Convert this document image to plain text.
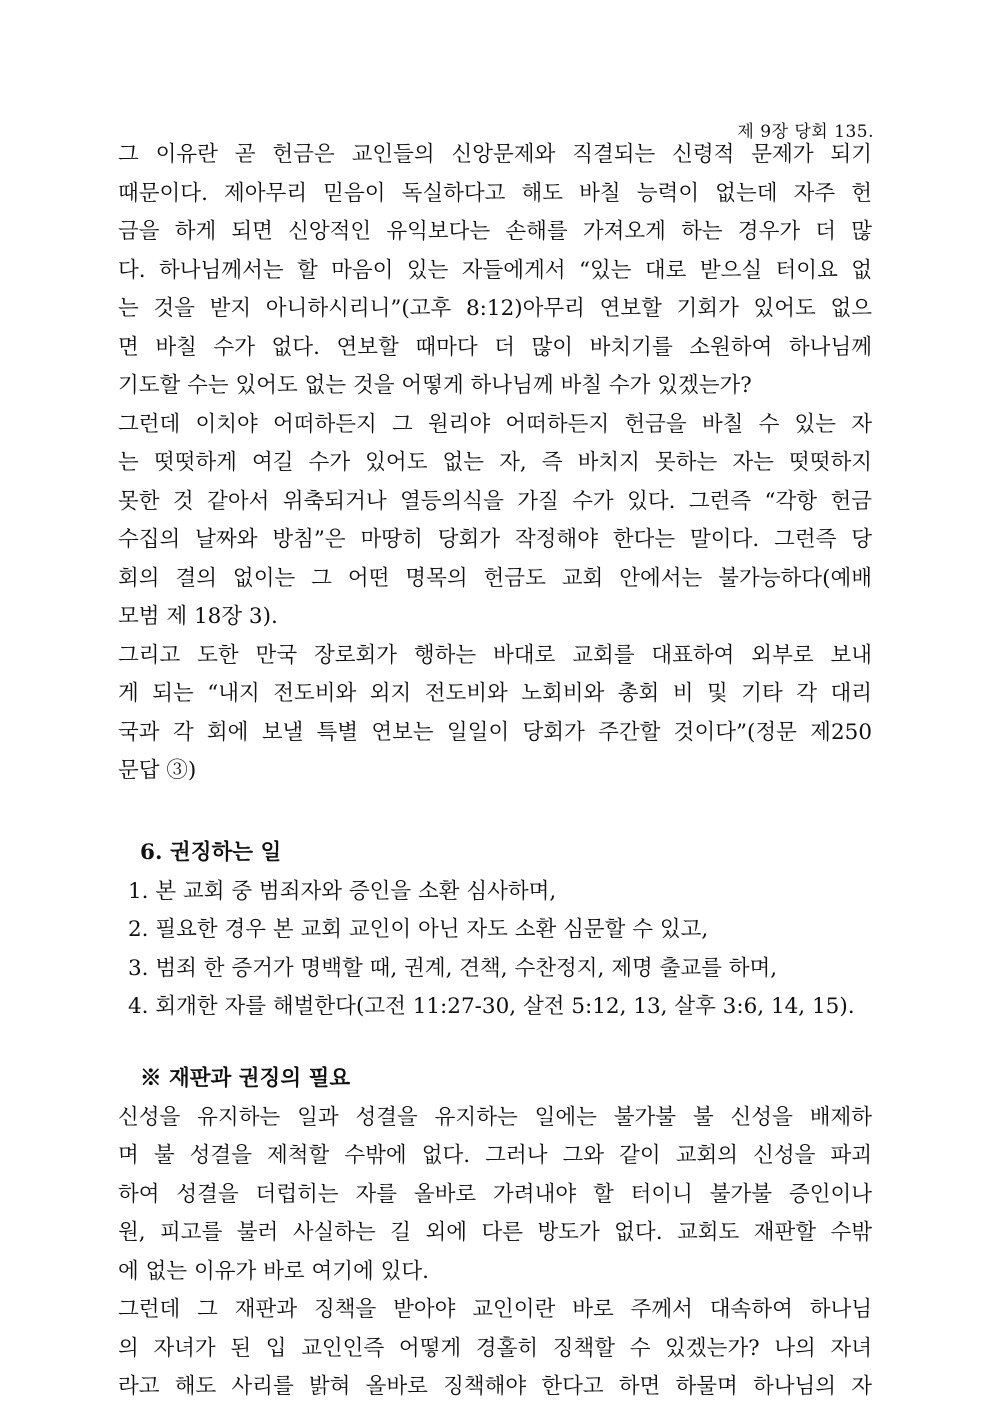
제 9장 당회 135.
그 이유란 곧 헌금은 교인들의 신앙문제와 직결되는 신령적 문제가 되기
때문이다. 제아무리 믿음이 독실하다고 해도 바칠 능력이 없는데 자주 헌
금을 하게 되면 신앙적인 유익보다는 손해를 가져오게 하는 경우가 더 많
다. 하나님께서는 할 마음이 있는 자들에게서 “있는 대로 받으실 터이요 없
는 것을 받지 아니하시리니”(고후 8:12)아무리 연보할 기회가 있어도 없으
면 바칠 수가 없다. 연보할 때마다 더 많이 바치기를 소원하여 하나님께
기도할 수는 있어도 없는 것을 어떻게 하나님께 바칠 수가 있겠는가?
그런데 이치야 어떠하든지 그 원리야 어떠하든지 헌금을 바칠 수 있는 자
는 떳떳하게 여길 수가 있어도 없는 자, 즉 바치지 못하는 자는 떳떳하지
못한 것 같아서 위축되거나 열등의식을 가질 수가 있다. 그런즉 “각항 헌금
수집의 날짜와 방침”은 마땅히 당회가 작정해야 한다는 말이다. 그런즉 당
회의 결의 없이는 그 어떤 명목의 헌금도 교회 안에서는 불가능하다(예배
모범 제 18장 3).
그리고 도한 만국 장로회가 행하는 바대로 교회를 대표하여 외부로 보내
게 되는 “내지 전도비와 외지 전도비와 노회비와 총회 비 및 기타 각 대리
국과 각 회에 보낼 특별 연보는 일일이 당회가 주간할 것이다”(정문 제250
문답 ③)
6. 권징하는 일
1. 본 교회 중 범죄자와 증인을 소환 심사하며,
2. 필요한 경우 본 교회 교인이 아닌 자도 소환 심문할 수 있고,
3. 범죄 한 증거가 명백할 때, 권계, 견책, 수찬정지, 제명 출교를 하며,
4. 회개한 자를 해벌한다(고전 11:27-30, 살전 5:12, 13, 살후 3:6, 14, 15).
※ 재판과 권징의 필요
신성을 유지하는 일과 성결을 유지하는 일에는 불가불 불 신성을 배제하
며 불 성결을 제척할 수밖에 없다. 그러나 그와 같이 교회의 신성을 파괴
하여 성결을 더럽히는 자를 올바로 가려내야 할 터이니 불가불 증인이나
원, 피고를 불러 사실하는 길 외에 다른 방도가 없다. 교회도 재판할 수밖
에 없는 이유가 바로 여기에 있다.
그런데 그 재판과 징책을 받아야 교인이란 바로 주께서 대속하여 하나님
의 자녀가 된 입 교인인즉 어떻게 경홀히 징책할 수 있겠는가? 나의 자녀
라고 해도 사리를 밝혀 올바로 징책해야 한다고 하면 하물며 하나님의 자
